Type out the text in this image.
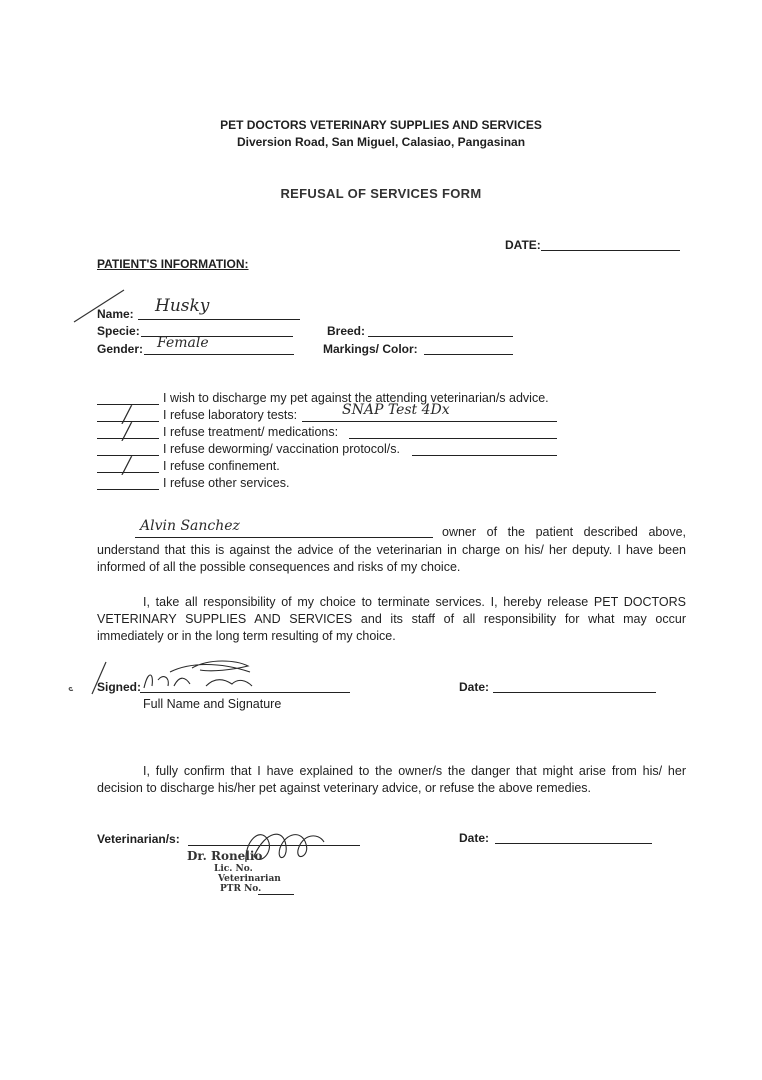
PET DOCTORS VETERINARY SUPPLIES AND SERVICES
Diversion Road, San Miguel, Calasiao, Pangasinan
REFUSAL OF SERVICES FORM
DATE:
PATIENT'S INFORMATION:
Name: Husky
Specie:	Breed:
Gender: Female	Markings/ Color:
I wish to discharge my pet against the attending veterinarian/s advice.
╱	I refuse laboratory tests:	SNAP Test 4Dx
╱	I refuse treatment/ medications:
I refuse deworming/ vaccination protocol/s.
╱	I refuse confinement.
I refuse other services.
Alvin Sanchez	owner of the patient described above,
understand that this is against the advice of the veterinarian in charge on his/ her deputy. I have been informed of all the possible consequences and risks of my choice.
I, take all responsibility of my choice to terminate services. I, hereby release PET DOCTORS VETERINARY SUPPLIES AND SERVICES and its staff of all responsibility for what may occur immediately or in the long term resulting of my choice.
Signed:
Full Name and Signature
Date:
I, fully confirm that I have explained to the owner/s the danger that might arise from his/ her decision to discharge his/her pet against veterinary advice, or refuse the above remedies.
Veterinarian/s:
Dr. Ronelio
Lic. No.
Veterinarian
PTR No.
Date:
